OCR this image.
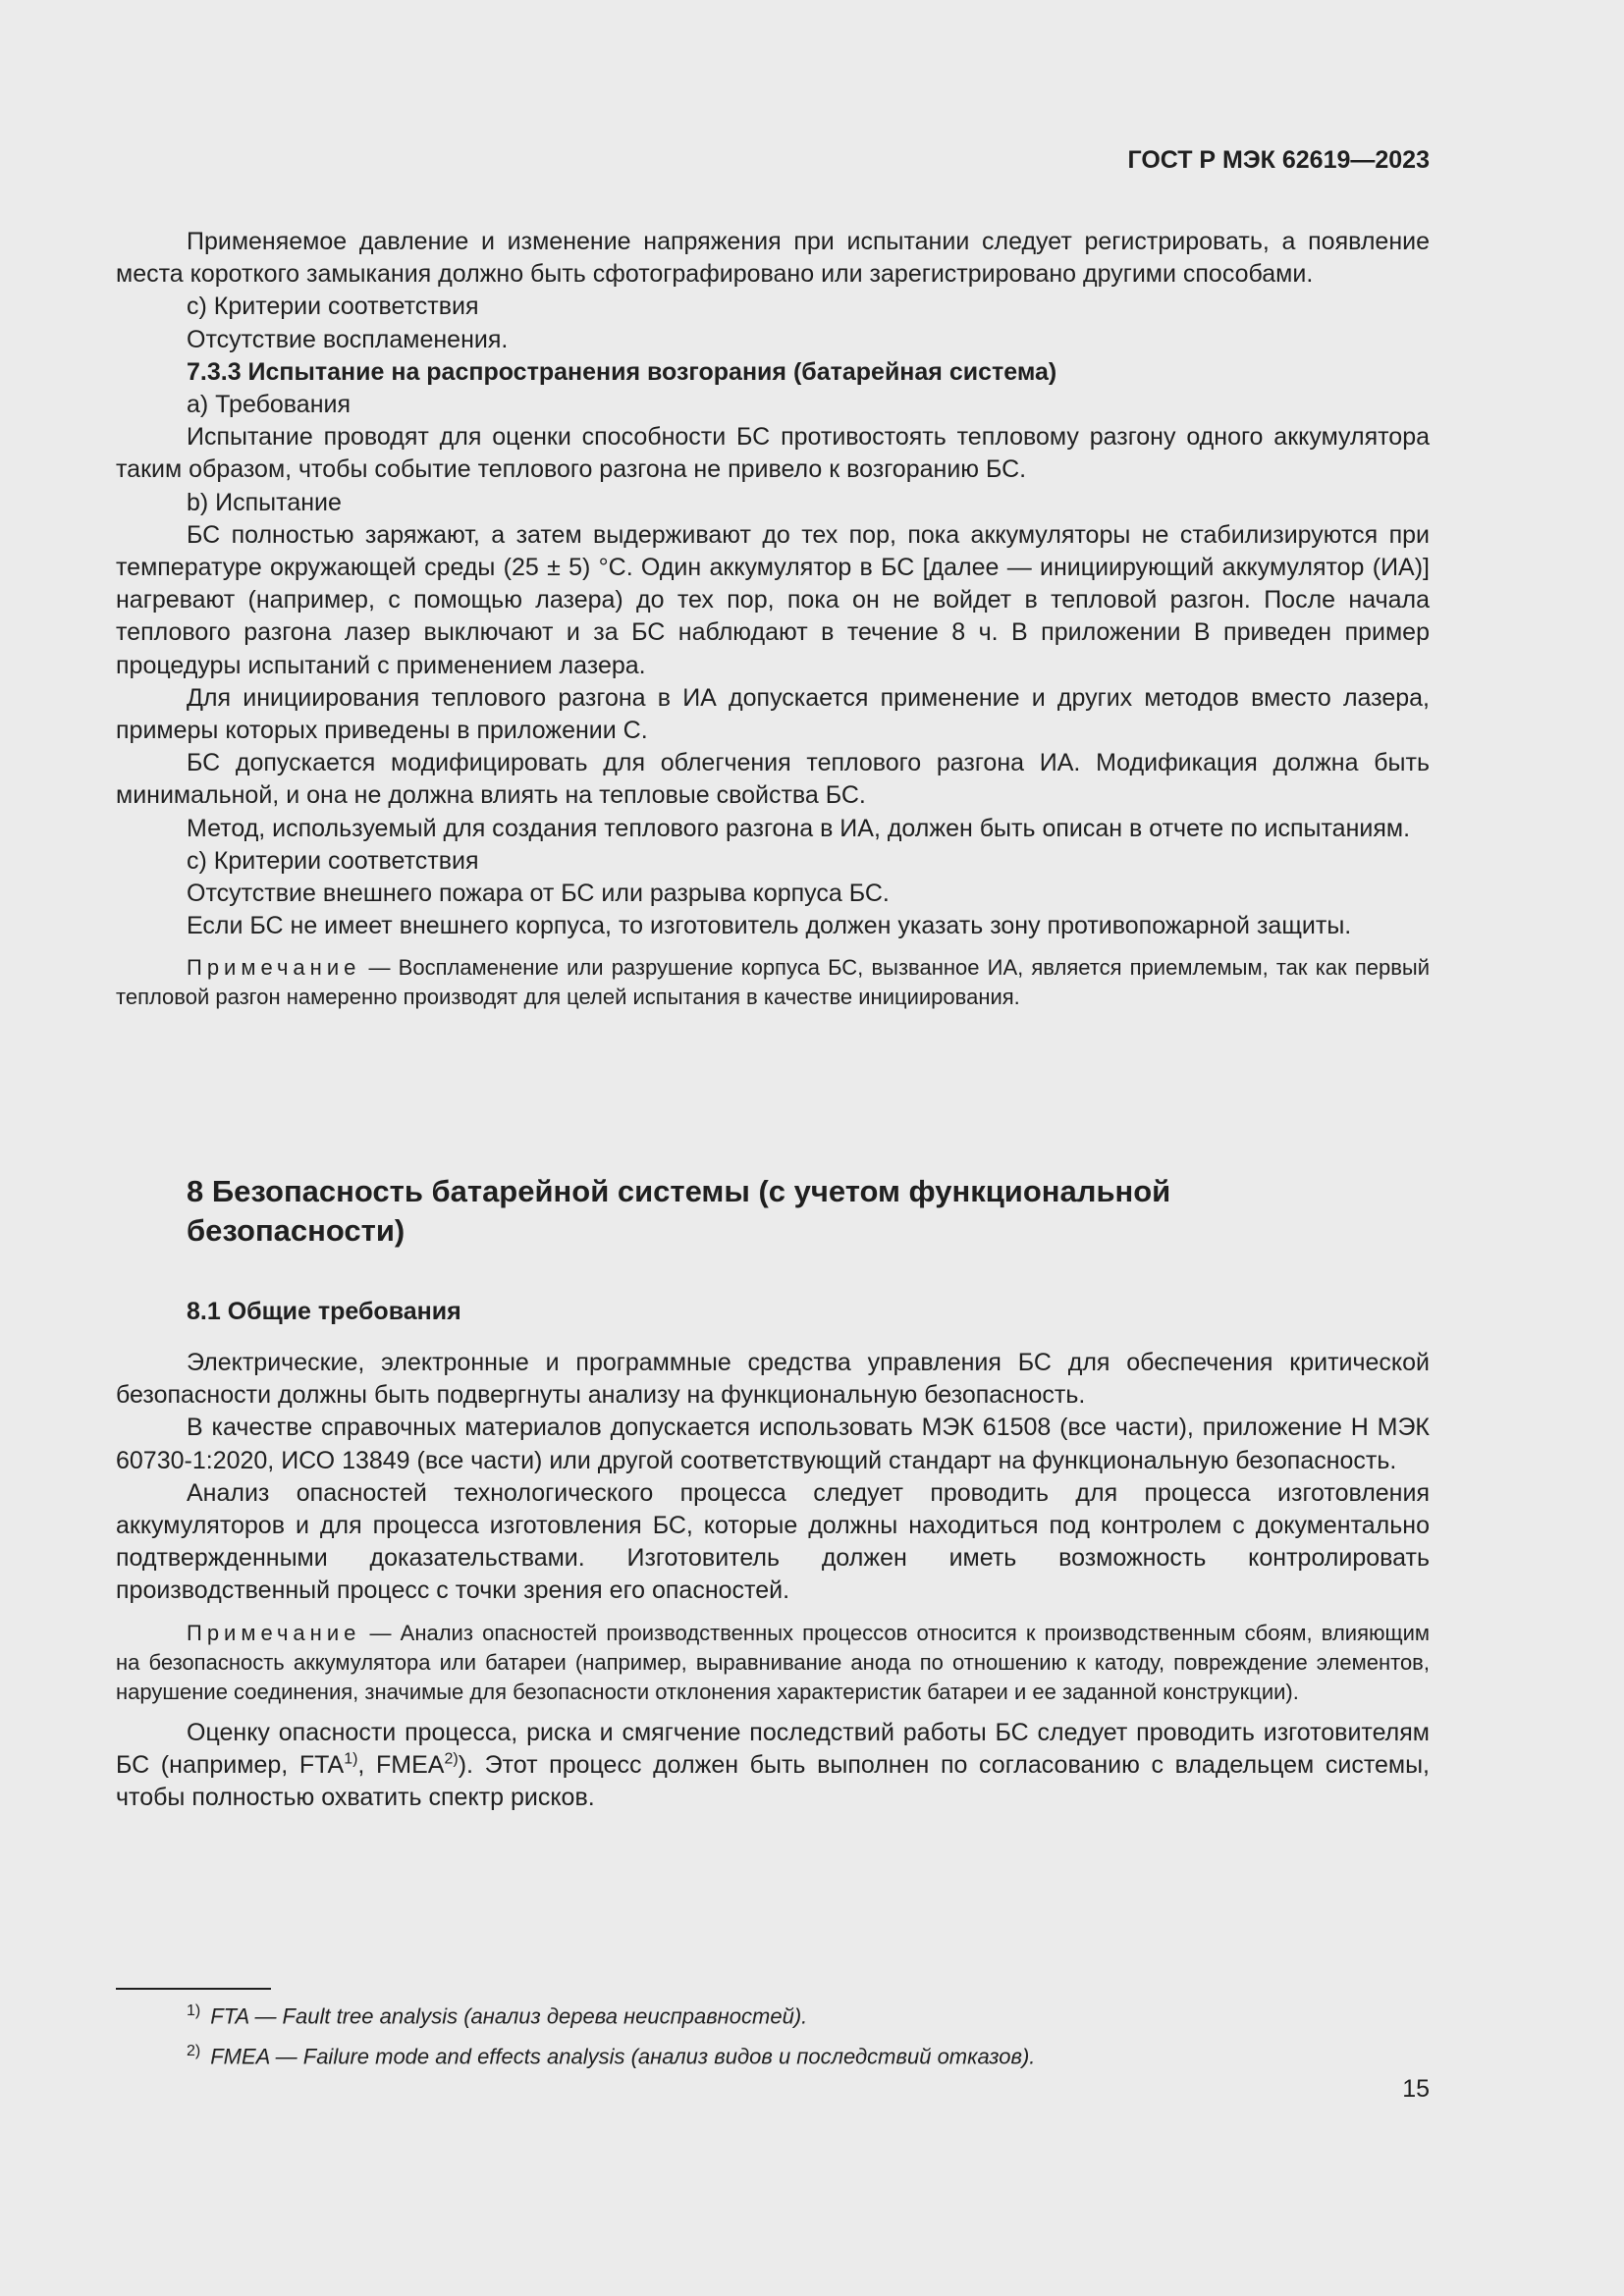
ГОСТ Р МЭК 62619—2023

Применяемое давление и изменение напряжения при испытании следует регистрировать, а появление места короткого замыкания должно быть сфотографировано или зарегистрировано другими способами.

c) Критерии соответствия

Отсутствие воспламенения.

7.3.3 Испытание на распространения возгорания (батарейная система)

a) Требования

Испытание проводят для оценки способности БС противостоять тепловому разгону одного аккумулятора таким образом, чтобы событие теплового разгона не привело к возгоранию БС.

b) Испытание

БС полностью заряжают, а затем выдерживают до тех пор, пока аккумуляторы не стабилизируются при температуре окружающей среды (25 ± 5) °С. Один аккумулятор в БС [далее — инициирующий аккумулятор (ИА)] нагревают (например, с помощью лазера) до тех пор, пока он не войдет в тепловой разгон. После начала теплового разгона лазер выключают и за БС наблюдают в течение 8 ч. В приложении B приведен пример процедуры испытаний с применением лазера.

Для инициирования теплового разгона в ИА допускается применение и других методов вместо лазера, примеры которых приведены в приложении С.

БС допускается модифицировать для облегчения теплового разгона ИА. Модификация должна быть минимальной, и она не должна влиять на тепловые свойства БС.

Метод, используемый для создания теплового разгона в ИА, должен быть описан в отчете по испытаниям.

c) Критерии соответствия

Отсутствие внешнего пожара от БС или разрыва корпуса БС.

Если БС не имеет внешнего корпуса, то изготовитель должен указать зону противопожарной защиты.

Примечание — Воспламенение или разрушение корпуса БС, вызванное ИА, является приемлемым, так как первый тепловой разгон намеренно производят для целей испытания в качестве инициирования.

8 Безопасность батарейной системы (с учетом функциональной безопасности)
8.1 Общие требования

Электрические, электронные и программные средства управления БС для обеспечения критической безопасности должны быть подвергнуты анализу на функциональную безопасность.

В качестве справочных материалов допускается использовать МЭК 61508 (все части), приложение H МЭК 60730-1:2020, ИСО 13849 (все части) или другой соответствующий стандарт на функциональную безопасность.

Анализ опасностей технологического процесса следует проводить для процесса изготовления аккумуляторов и для процесса изготовления БС, которые должны находиться под контролем с документально подтвержденными доказательствами. Изготовитель должен иметь возможность контролировать производственный процесс с точки зрения его опасностей.

Примечание — Анализ опасностей производственных процессов относится к производственным сбоям, влияющим на безопасность аккумулятора или батареи (например, выравнивание анода по отношению к катоду, повреждение элементов, нарушение соединения, значимые для безопасности отклонения характеристик батареи и ее заданной конструкции).

Оценку опасности процесса, риска и смягчение последствий работы БС следует проводить изготовителям БС (например, FTA$^{1)}$, FMEA$^{2)}$). Этот процесс должен быть выполнен по согласованию с владельцем системы, чтобы полностью охватить спектр рисков.

$^{1)}$ FTA — Fault tree analysis (анализ дерева неисправностей).
$^{2)}$ FMEA — Failure mode and effects analysis (анализ видов и последствий отказов).
15
